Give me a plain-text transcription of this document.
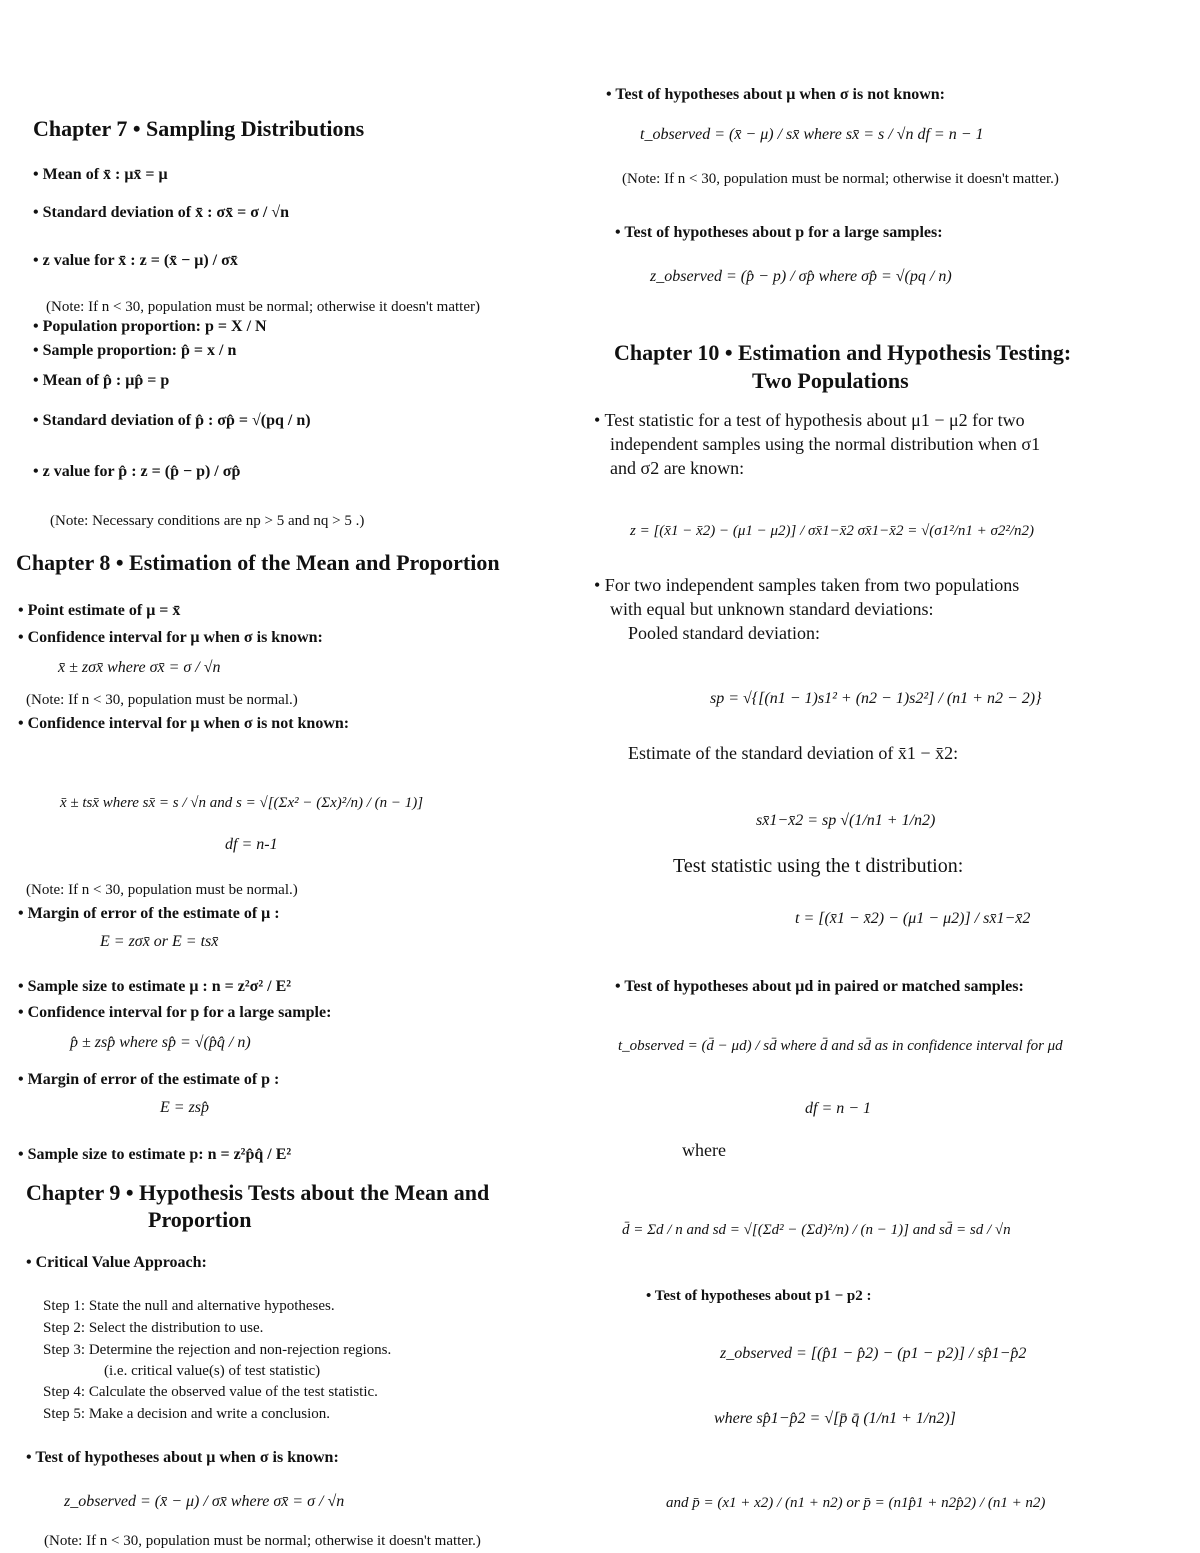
Chapter 7 • Sampling Distributions
• Mean of x̄ : μx̄ = μ
• Standard deviation of x̄ : σx̄ = σ / √n
• z value for x̄ : z = (x̄ − μ) / σx̄
(Note: If n < 30, population must be normal; otherwise it doesn't matter)
• Population proportion: p = X / N
• Sample proportion: p̂ = x / n
• Mean of p̂ : μp̂ = p
• Standard deviation of p̂ : σp̂ = √(pq / n)
• z value for p̂ : z = (p̂ − p) / σp̂
(Note: Necessary conditions are np > 5 and nq > 5 .)
Chapter 8 • Estimation of the Mean and Proportion
• Point estimate of μ = x̄
• Confidence interval for μ when σ is known:
x̄ ± zσx̄ where σx̄ = σ / √n
(Note: If n < 30, population must be normal.)
• Confidence interval for μ when σ is not known:
x̄ ± tsx̄ where sx̄ = s / √n and s = √[(Σx² − (Σx)²/n) / (n − 1)]
df = n-1
(Note: If n < 30, population must be normal.)
• Margin of error of the estimate of μ :
E = zσx̄ or E = tsx̄
• Sample size to estimate μ : n = z²σ² / E²
• Confidence interval for p for a large sample:
p̂ ± zsp̂ where sp̂ = √(p̂q̂ / n)
• Margin of error of the estimate of p :
E = zsp̂
• Sample size to estimate p: n = z²p̂q̂ / E²
Chapter 9 • Hypothesis Tests about the Mean and
Proportion
• Critical Value Approach:
Step 1: State the null and alternative hypotheses.
Step 2: Select the distribution to use.
Step 3: Determine the rejection and non-rejection regions.
(i.e. critical value(s) of test statistic)
Step 4: Calculate the observed value of the test statistic.
Step 5: Make a decision and write a conclusion.
• Test of hypotheses about μ when σ is known:
z_observed = (x̄ − μ) / σx̄ where σx̄ = σ / √n
(Note: If n < 30, population must be normal; otherwise it doesn't matter.)
• Test of hypotheses about μ when σ is not known:
t_observed = (x̄ − μ) / sx̄ where sx̄ = s / √n df = n − 1
(Note: If n < 30, population must be normal; otherwise it doesn't matter.)
• Test of hypotheses about p for a large samples:
z_observed = (p̂ − p) / σp̂ where σp̂ = √(pq / n)
Chapter 10 • Estimation and Hypothesis Testing:
Two Populations
• Test statistic for a test of hypothesis about μ1 − μ2 for two
independent samples using the normal distribution when σ1
and σ2 are known:
z = [(x̄1 − x̄2) − (μ1 − μ2)] / σx̄1−x̄2 σx̄1−x̄2 = √(σ1²/n1 + σ2²/n2)
• For two independent samples taken from two populations
with equal but unknown standard deviations:
Pooled standard deviation:
sp = √{[(n1 − 1)s1² + (n2 − 1)s2²] / (n1 + n2 − 2)}
Estimate of the standard deviation of x̄1 − x̄2:
sx̄1−x̄2 = sp √(1/n1 + 1/n2)
Test statistic using the t distribution:
t = [(x̄1 − x̄2) − (μ1 − μ2)] / sx̄1−x̄2
• Test of hypotheses about μd in paired or matched samples:
t_observed = (d̄ − μd) / sd̄ where d̄ and sd̄ as in confidence interval for μd
df = n − 1
where
d̄ = Σd / n and sd = √[(Σd² − (Σd)²/n) / (n − 1)] and sd̄ = sd / √n
• Test of hypotheses about p1 − p2 :
z_observed = [(p̂1 − p̂2) − (p1 − p2)] / sp̂1−p̂2
where sp̂1−p̂2 = √[p̄ q̄ (1/n1 + 1/n2)]
and p̄ = (x1 + x2) / (n1 + n2) or p̄ = (n1p̂1 + n2p̂2) / (n1 + n2)
